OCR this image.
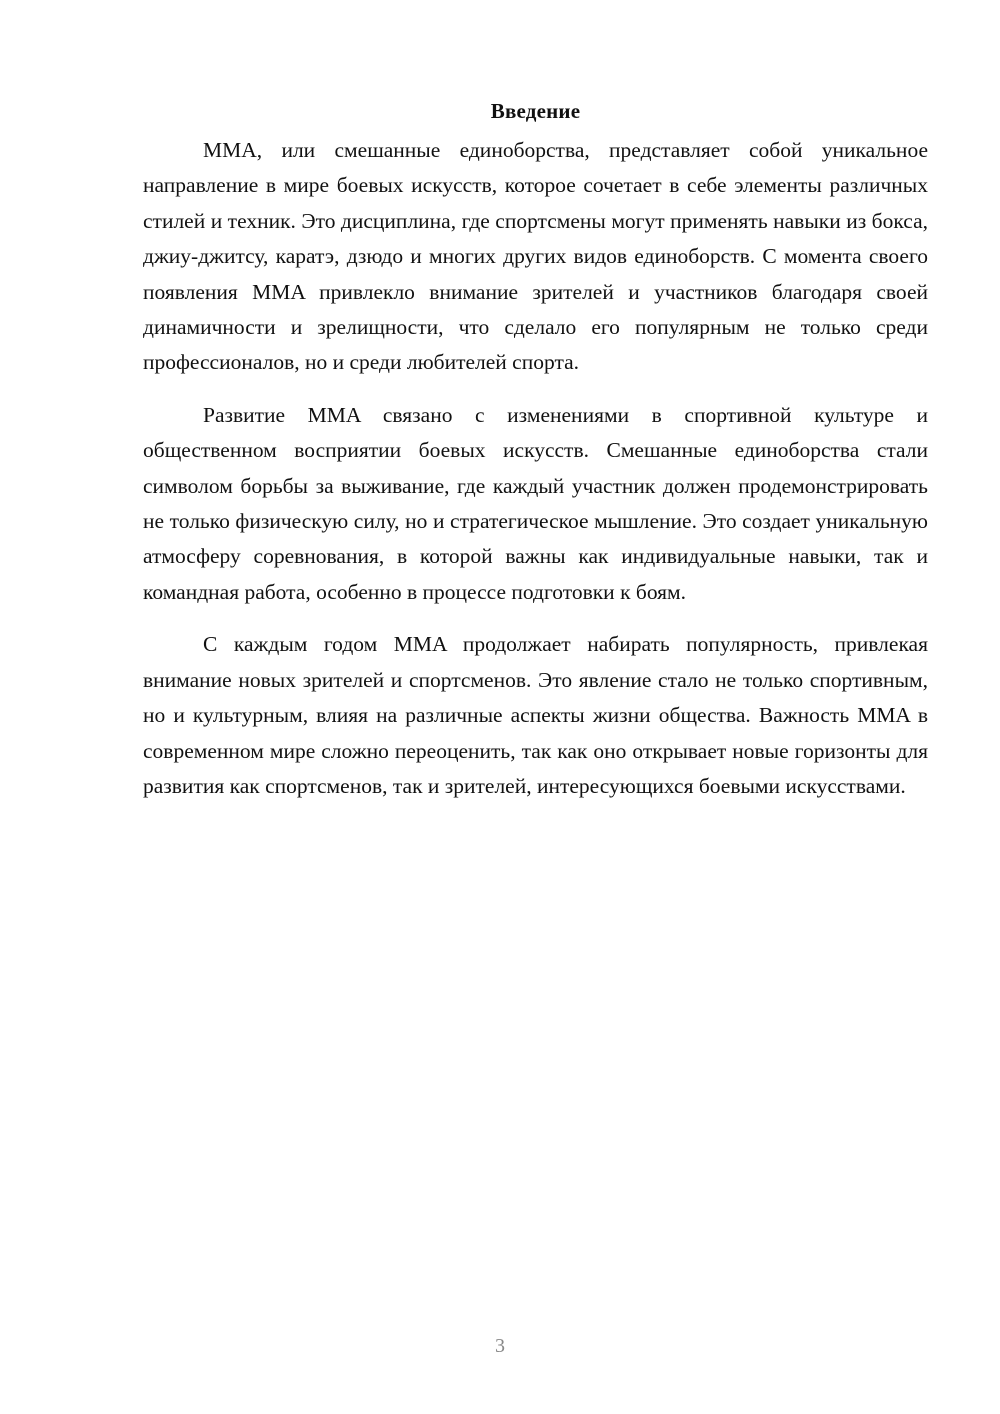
Введение

MMA, или смешанные единоборства, представляет собой уникальное направление в мире боевых искусств, которое сочетает в себе элементы различных стилей и техник. Это дисциплина, где спортсмены могут применять навыки из бокса, джиу-джитсу, каратэ, дзюдо и многих других видов единоборств. С момента своего появления MMA привлекло внимание зрителей и участников благодаря своей динамичности и зрелищности, что сделало его популярным не только среди профессионалов, но и среди любителей спорта.

Развитие MMA связано с изменениями в спортивной культуре и общественном восприятии боевых искусств. Смешанные единоборства стали символом борьбы за выживание, где каждый участник должен продемонстрировать не только физическую силу, но и стратегическое мышление. Это создает уникальную атмосферу соревнования, в которой важны как индивидуальные навыки, так и командная работа, особенно в процессе подготовки к боям.

С каждым годом MMA продолжает набирать популярность, привлекая внимание новых зрителей и спортсменов. Это явление стало не только спортивным, но и культурным, влияя на различные аспекты жизни общества. Важность MMA в современном мире сложно переоценить, так как оно открывает новые горизонты для развития как спортсменов, так и зрителей, интересующихся боевыми искусствами.

3
